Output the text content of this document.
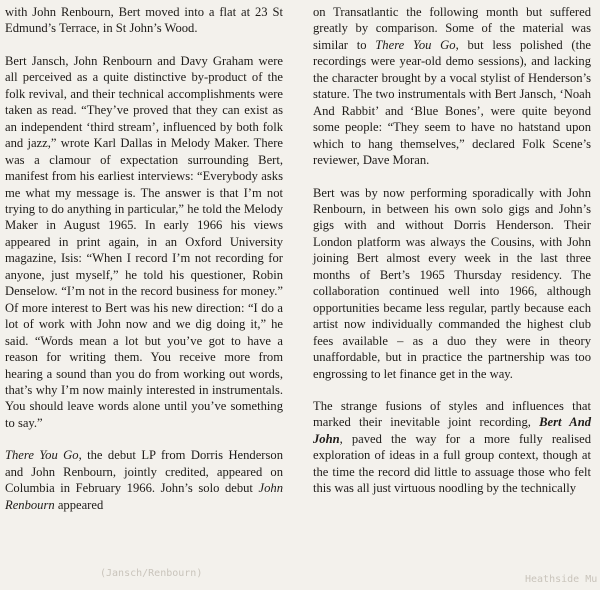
(Jansch/Renbourn)
Heathside Mu

with John Renbourn, Bert moved into a flat at 23 St Edmund’s Terrace, in St John’s Wood.

Bert Jansch, John Renbourn and Davy Graham were all perceived as a quite distinctive by-product of the folk revival, and their technical accomplishments were taken as read. “They’ve proved that they can exist as an independent ‘third stream’, influenced by both folk and jazz,” wrote Karl Dallas in Melody Maker. There was a clamour of expectation surrounding Bert, manifest from his earliest interviews: “Everybody asks me what my message is. The answer is that I’m not trying to do anything in particular,” he told the Melody Maker in August 1965. In early 1966 his views appeared in print again, in an Oxford University magazine, Isis: “When I record I’m not recording for anyone, just myself,” he told his questioner, Robin Denselow. “I’m not in the record business for money.” Of more interest to Bert was his new direction: “I do a lot of work with John now and we dig doing it,” he said. “Words mean a lot but you’ve got to have a reason for writing them. You receive more from hearing a sound than you do from working out words, that’s why I’m now mainly interested in instrumentals. You should leave words alone until you’ve something to say.”

There You Go, the debut LP from Dorris Henderson and John Renbourn, jointly credited, appeared on Columbia in February 1966. John’s solo debut John Renbourn appeared

on Transatlantic the following month but suffered greatly by comparison. Some of the material was similar to There You Go, but less polished (the recordings were year-old demo sessions), and lacking the character brought by a vocal stylist of Henderson’s stature. The two instrumentals with Bert Jansch, ‘Noah And Rabbit’ and ‘Blue Bones’, were quite beyond some people: “They seem to have no hatstand upon which to hang themselves,” declared Folk Scene’s reviewer, Dave Moran.

Bert was by now performing sporadically with John Renbourn, in between his own solo gigs and John’s gigs with and without Dorris Henderson. Their London platform was always the Cousins, with John joining Bert almost every week in the last three months of Bert’s 1965 Thursday residency. The collaboration continued well into 1966, although opportunities became less regular, partly because each artist now individually commanded the highest club fees available – as a duo they were in theory unaffordable, but in practice the partnership was too engrossing to let finance get in the way.

The strange fusions of styles and influences that marked their inevitable joint recording, Bert And John, paved the way for a more fully realised exploration of ideas in a full group context, though at the time the record did little to assuage those who felt this was all just virtuous noodling by the technically
